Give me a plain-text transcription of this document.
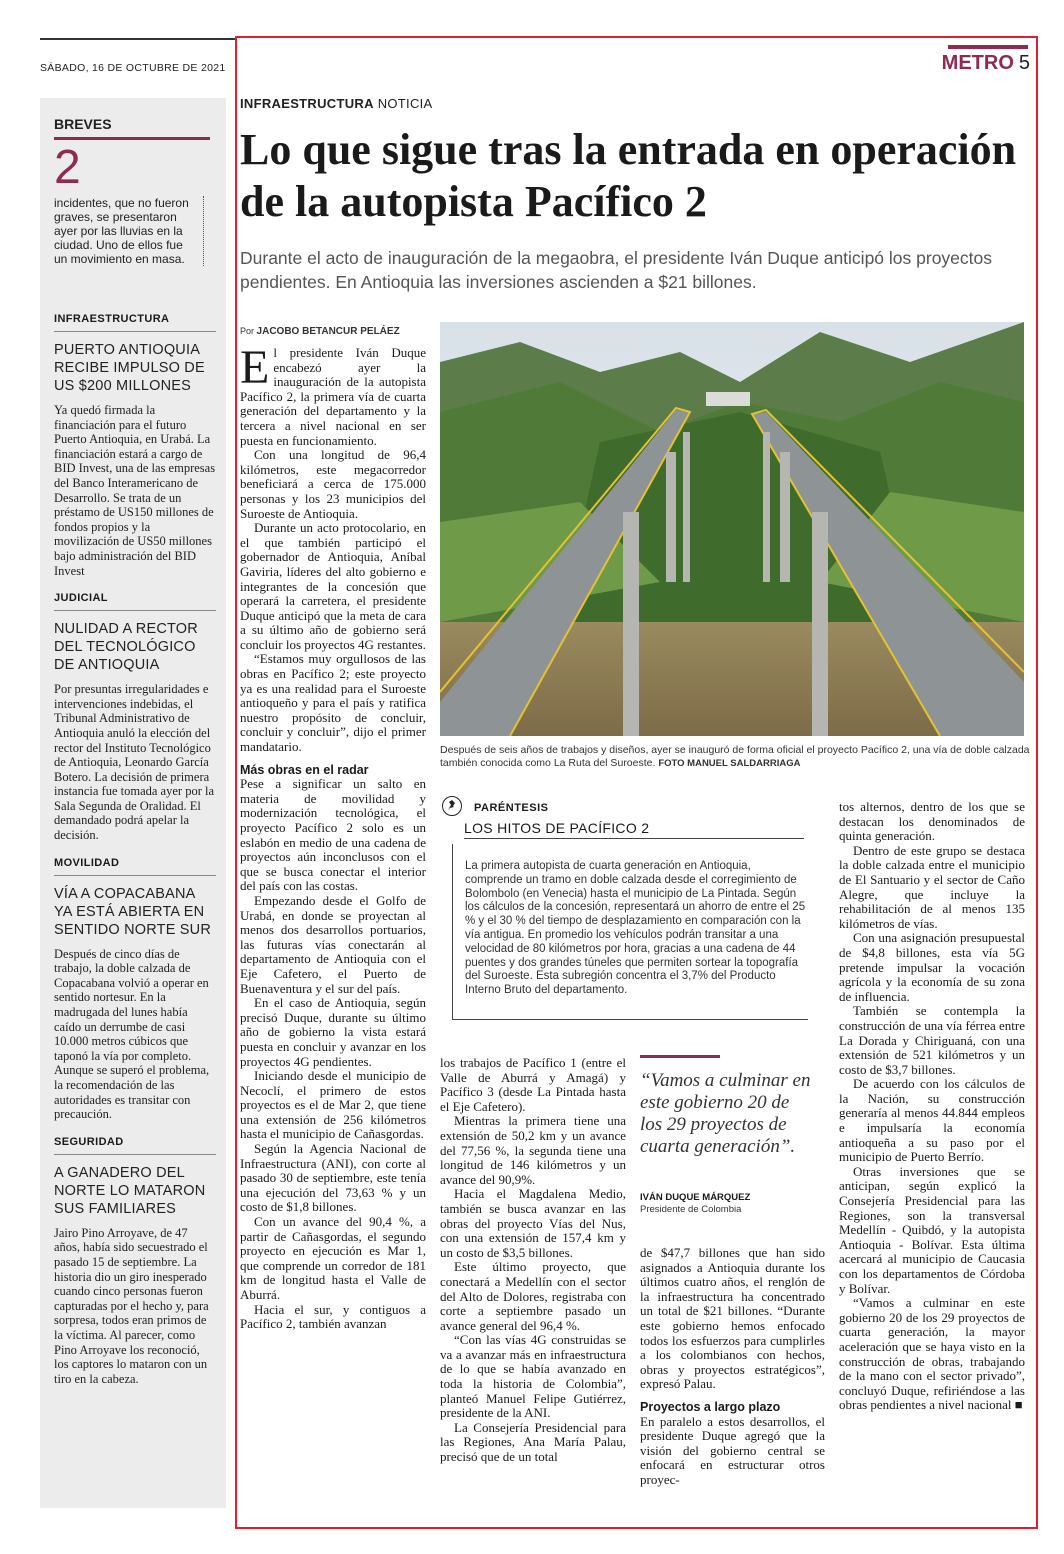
SÁBADO, 16 DE OCTUBRE DE 2021	METRO 5
BREVES
2
incidentes, que no fueron graves, se presentaron ayer por las lluvias en la ciudad. Uno de ellos fue un movimiento en masa.
INFRAESTRUCTURA
PUERTO ANTIOQUIA RECIBE IMPULSO DE US $200 MILLONES
Ya quedó firmada la financiación para el futuro Puerto Antioquia, en Urabá. La financiación estará a cargo de BID Invest, una de las empresas del Banco Interamericano de Desarrollo. Se trata de un préstamo de US150 millones de fondos propios y la movilización de US50 millones bajo administración del BID Invest
JUDICIAL
NULIDAD A RECTOR DEL TECNOLÓGICO DE ANTIOQUIA
Por presuntas irregularidades e intervenciones indebidas, el Tribunal Administrativo de Antioquia anuló la elección del rector del Instituto Tecnológico de Antioquia, Leonardo García Botero. La decisión de primera instancia fue tomada ayer por la Sala Segunda de Oralidad. El demandado podrá apelar la decisión.
MOVILIDAD
VÍA A COPACABANA YA ESTÁ ABIERTA EN SENTIDO NORTE SUR
Después de cinco días de trabajo, la doble calzada de Copacabana volvió a operar en sentido nortesur. En la madrugada del lunes había caído un derrumbe de casi 10.000 metros cúbicos que taponó la vía por completo. Aunque se superó el problema, la recomendación de las autoridades es transitar con precaución.
SEGURIDAD
A GANADERO DEL NORTE LO MATARON SUS FAMILIARES
Jairo Pino Arroyave, de 47 años, había sido secuestrado el pasado 15 de septiembre. La historia dio un giro inesperado cuando cinco personas fueron capturadas por el hecho y, para sorpresa, todos eran primos de la víctima. Al parecer, como Pino Arroyave los reconoció, los captores lo mataron con un tiro en la cabeza.
INFRAESTRUCTURA NOTICIA
Lo que sigue tras la entrada en operación de la autopista Pacífico 2
Durante el acto de inauguración de la megaobra, el presidente Iván Duque anticipó los proyectos pendientes. En Antioquia las inversiones ascienden a $21 billones.
Por JACOBO BETANCUR PELÁEZ

El presidente Iván Duque encabezó ayer la inauguración de la autopista Pacífico 2, la primera vía de cuarta generación del departamento y la tercera a nivel nacional en ser puesta en funcionamiento.

Con una longitud de 96,4 kilómetros, este megacorredor beneficiará a cerca de 175.000 personas y los 23 municipios del Suroeste de Antioquia.

Durante un acto protocolario, en el que también participó el gobernador de Antioquia, Aníbal Gaviria, líderes del alto gobierno e integrantes de la concesión que operará la carretera, el presidente Duque anticipó que la meta de cara a su último año de gobierno será concluir los proyectos 4G restantes.

“Estamos muy orgullosos de las obras en Pacífico 2; este proyecto ya es una realidad para el Suroeste antioqueño y para el país y ratifica nuestro propósito de concluir, concluir y concluir”, dijo el primer mandatario.

Más obras en el radar

Pese a significar un salto en materia de movilidad y modernización tecnológica, el proyecto Pacífico 2 solo es un eslabón en medio de una cadena de proyectos aún inconclusos con el que se busca conectar el interior del país con las costas.

Empezando desde el Golfo de Urabá, en donde se proyectan al menos dos desarrollos portuarios, las futuras vías conectarán al departamento de Antioquia con el Eje Cafetero, el Puerto de Buenaventura y el sur del país.

En el caso de Antioquia, según precisó Duque, durante su último año de gobierno la vista estará puesta en concluir y avanzar en los proyectos 4G pendientes.

Iniciando desde el municipio de Necoclí, el primero de estos proyectos es el de Mar 2, que tiene una extensión de 256 kilómetros hasta el municipio de Cañasgordas.

Según la Agencia Nacional de Infraestructura (ANI), con corte al pasado 30 de septiembre, este tenía una ejecución del 73,63 % y un costo de $1,8 billones.

Con un avance del 90,4 %, a partir de Cañasgordas, el segundo proyecto en ejecución es Mar 1, que comprende un corredor de 181 km de longitud hasta el Valle de Aburrá.

Hacia el sur, y contiguos a Pacífico 2, también avanzan

Después de seis años de trabajos y diseños, ayer se inauguró de forma oficial el proyecto Pacífico 2, una vía de doble calzada también conocida como La Ruta del Suroeste. FOTO MANUEL SALDARRIAGA
PARÉNTESIS
LOS HITOS DE PACÍFICO 2
La primera autopista de cuarta generación en Antioquia, comprende un tramo en doble calzada desde el corregimiento de Bolombolo (en Venecia) hasta el municipio de La Pintada. Según los cálculos de la concesión, representará un ahorro de entre el 25 % y el 30 % del tiempo de desplazamiento en comparación con la vía antigua. En promedio los vehículos podrán transitar a una velocidad de 80 kilómetros por hora, gracias a una cadena de 44 puentes y dos grandes túneles que permiten sortear la topografía del Suroeste. Esta subregión concentra el 3,7% del Producto Interno Bruto del departamento.

los trabajos de Pacífico 1 (entre el Valle de Aburrá y Amagá) y Pacífico 3 (desde La Pintada hasta el Eje Cafetero).

Mientras la primera tiene una extensión de 50,2 km y un avance del 77,56 %, la segunda tiene una longitud de 146 kilómetros y un avance del 90,9%.

Hacia el Magdalena Medio, también se busca avanzar en las obras del proyecto Vías del Nus, con una extensión de 157,4 km y un costo de $3,5 billones.

Este último proyecto, que conectará a Medellín con el sector del Alto de Dolores, registraba con corte a septiembre pasado un avance general del 96,4 %.

“Con las vías 4G construidas se va a avanzar más en infraestructura de lo que se había avanzado en toda la historia de Colombia”, planteó Manuel Felipe Gutiérrez, presidente de la ANI.

La Consejería Presidencial para las Regiones, Ana María Palau, precisó que de un total

“Vamos a culminar en este gobierno 20 de los 29 proyectos de cuarta generación”.
IVÁN DUQUE MÁRQUEZ
Presidente de Colombia

de $47,7 billones que han sido asignados a Antioquia durante los últimos cuatro años, el renglón de la infraestructura ha concentrado un total de $21 billones. “Durante este gobierno hemos enfocado todos los esfuerzos para cumplirles a los colombianos con hechos, obras y proyectos estratégicos”, expresó Palau.

Proyectos a largo plazo

En paralelo a estos desarrollos, el presidente Duque agregó que la visión del gobierno central se enfocará en estructurar otros proyec-

tos alternos, dentro de los que se destacan los denominados de quinta generación.

Dentro de este grupo se destaca la doble calzada entre el municipio de El Santuario y el sector de Caño Alegre, que incluye la rehabilitación de al menos 135 kilómetros de vías.

Con una asignación presupuestal de $4,8 billones, esta vía 5G pretende impulsar la vocación agrícola y la economía de su zona de influencia.

También se contempla la construcción de una vía férrea entre La Dorada y Chiriguaná, con una extensión de 521 kilómetros y un costo de $3,7 billones.

De acuerdo con los cálculos de la Nación, su construcción generaría al menos 44.844 empleos e impulsaría la economía antioqueña a su paso por el municipio de Puerto Berrío.

Otras inversiones que se anticipan, según explicó la Consejería Presidencial para las Regiones, son la transversal Medellín - Quibdó, y la autopista Antioquia - Bolívar. Esta última acercará al municipio de Caucasia con los departamentos de Córdoba y Bolívar.

“Vamos a culminar en este gobierno 20 de los 29 proyectos de cuarta generación, la mayor aceleración que se haya visto en la construcción de obras, trabajando de la mano con el sector privado”, concluyó Duque, refiriéndose a las obras pendientes a nivel nacional ■
